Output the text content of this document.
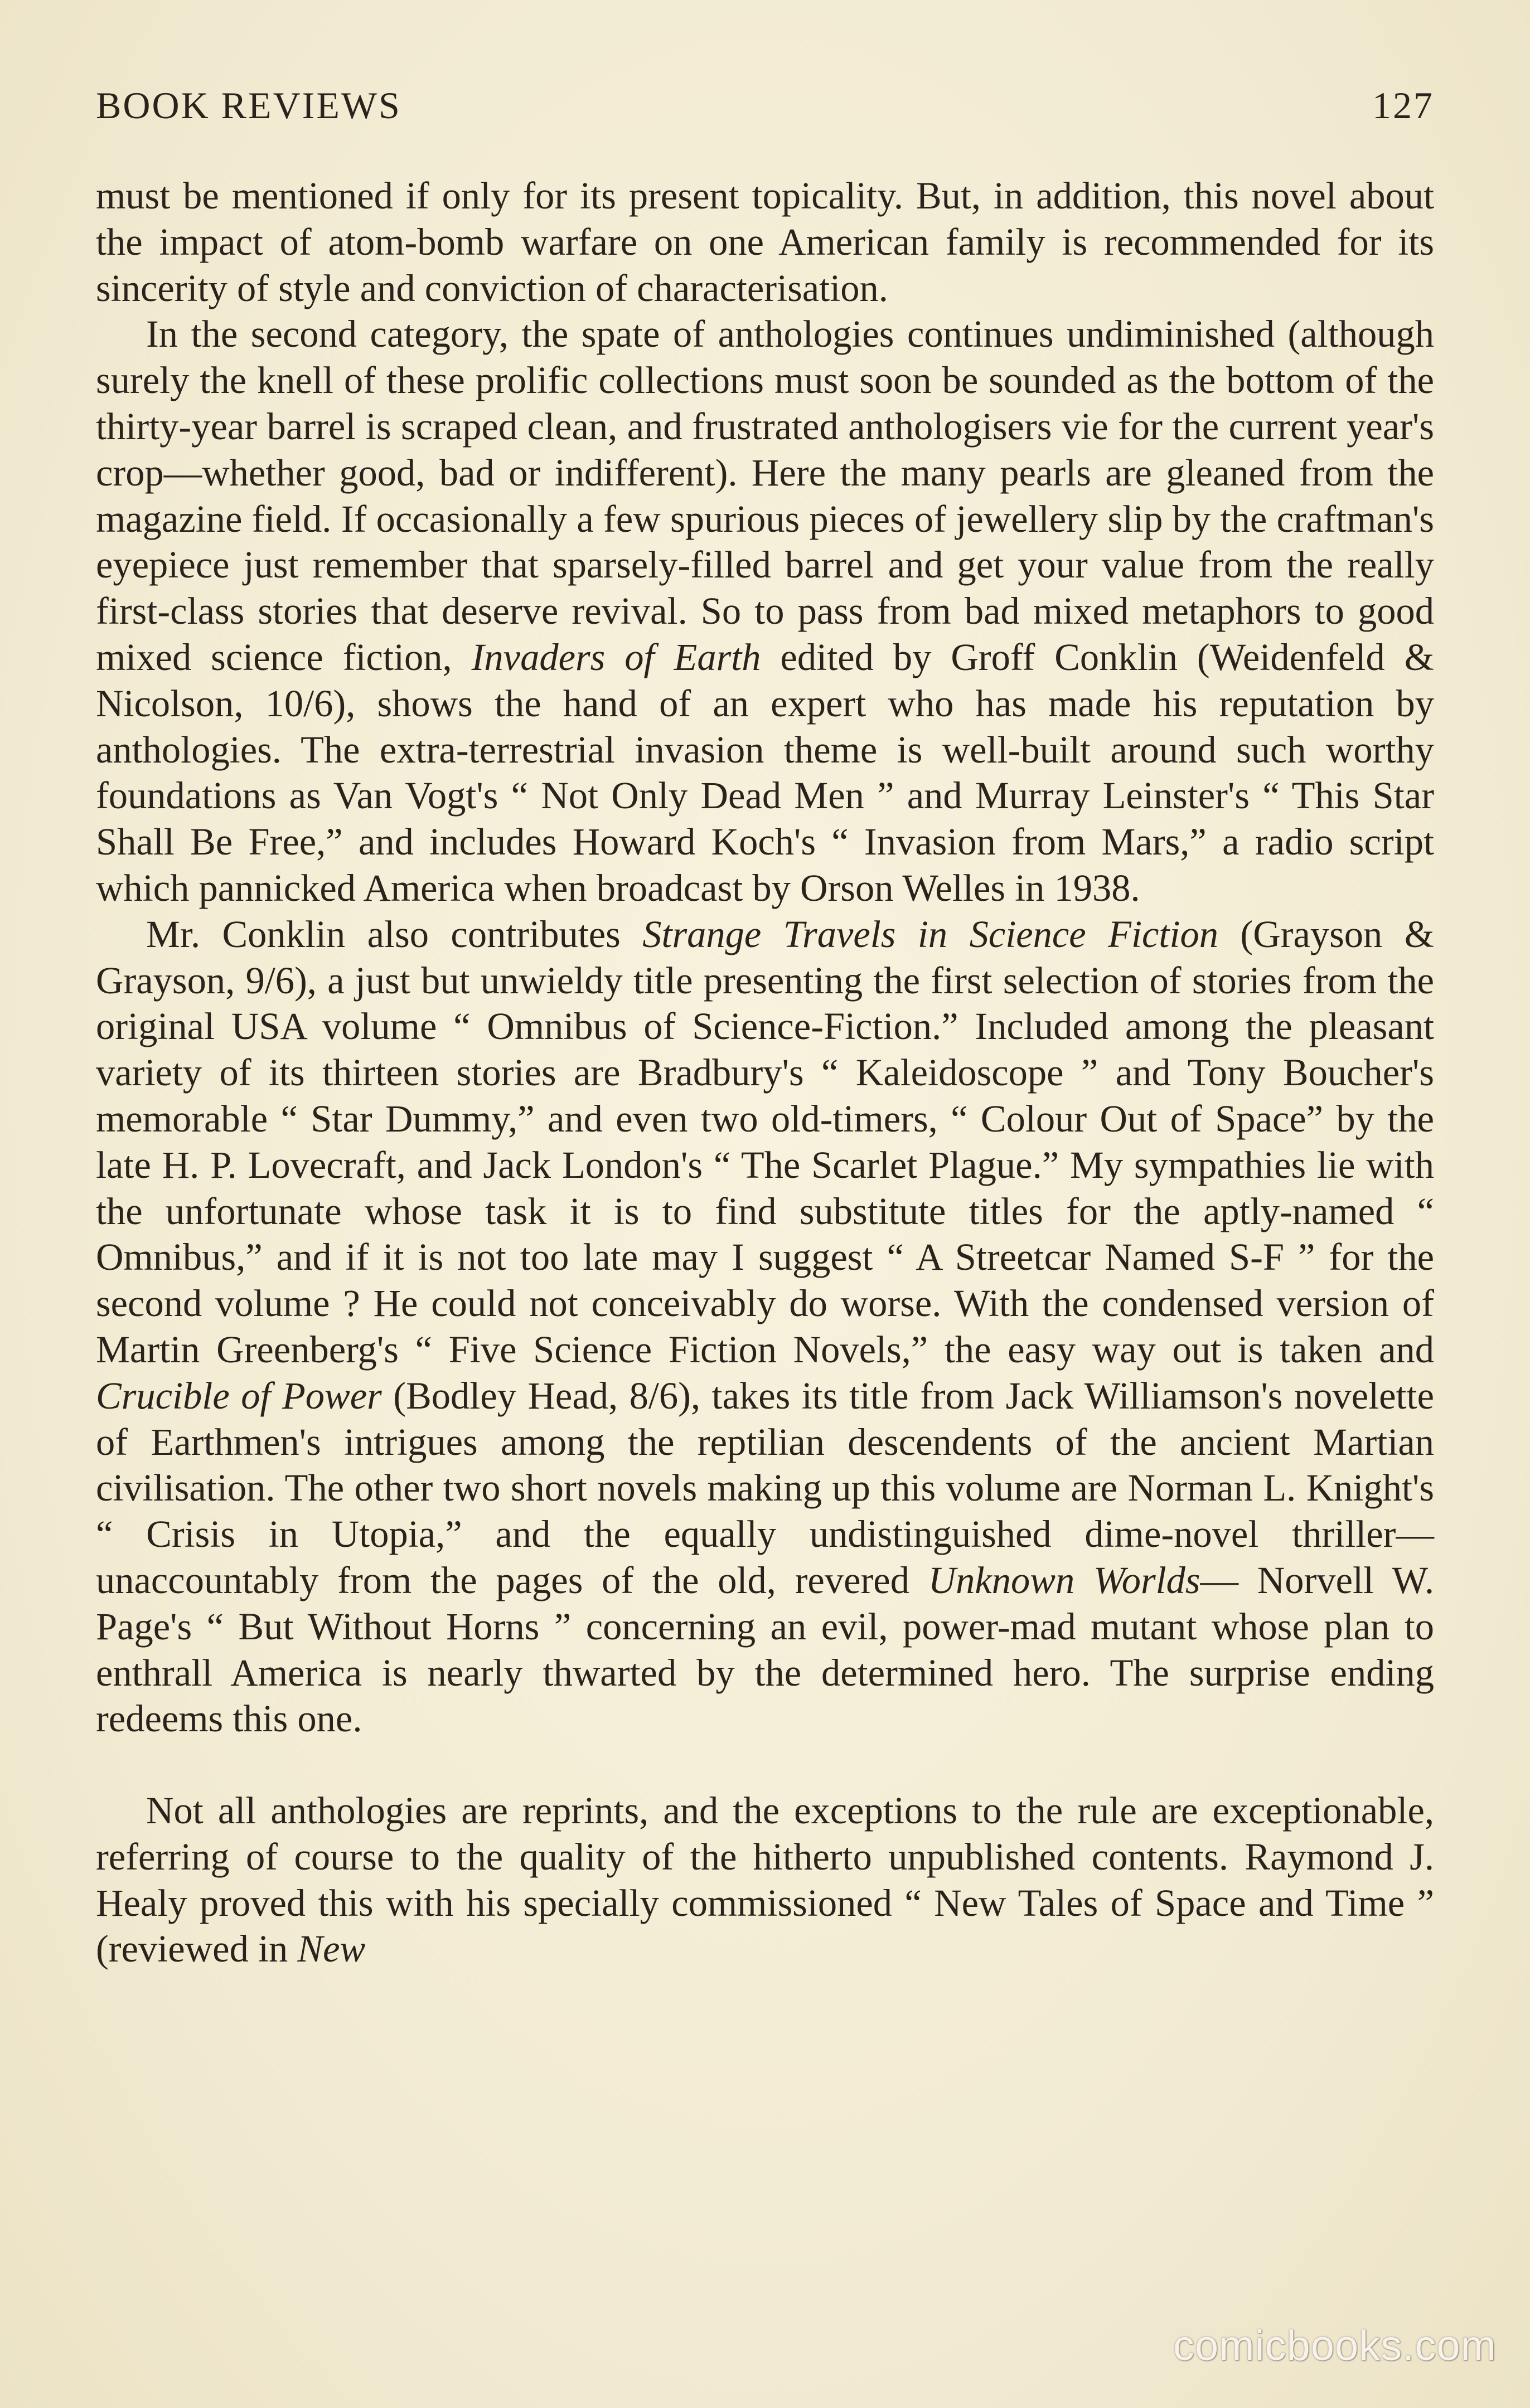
BOOK REVIEWS	127

must be mentioned if only for its present topicality. But, in addition, this novel about the impact of atom-bomb warfare on one American family is recommended for its sincerity of style and conviction of characterisation.

In the second category, the spate of anthologies continues undiminished (although surely the knell of these prolific collections must soon be sounded as the bottom of the thirty-year barrel is scraped clean, and frustrated anthologisers vie for the current year's crop—whether good, bad or indifferent). Here the many pearls are gleaned from the magazine field. If occasionally a few spurious pieces of jewellery slip by the craftman's eyepiece just remember that sparsely-filled barrel and get your value from the really first-class stories that deserve revival. So to pass from bad mixed metaphors to good mixed science fiction, Invaders of Earth edited by Groff Conklin (Weidenfeld & Nicolson, 10/6), shows the hand of an expert who has made his reputation by anthologies. The extra-terrestrial invasion theme is well-built around such worthy foundations as Van Vogt's “ Not Only Dead Men ” and Murray Leinster's “ This Star Shall Be Free,” and includes Howard Koch's “ Invasion from Mars,” a radio script which pannicked America when broadcast by Orson Welles in 1938.

Mr. Conklin also contributes Strange Travels in Science Fiction (Grayson & Grayson, 9/6), a just but unwieldy title presenting the first selection of stories from the original USA volume “ Omnibus of Science-Fiction.” Included among the pleasant variety of its thirteen stories are Bradbury's “ Kaleidoscope ” and Tony Boucher's memorable “ Star Dummy,” and even two old-timers, “ Colour Out of Space” by the late H. P. Lovecraft, and Jack London's “ The Scarlet Plague.” My sympathies lie with the unfortunate whose task it is to find substitute titles for the aptly-named “ Omnibus,” and if it is not too late may I suggest “ A Streetcar Named S-F ” for the second volume ? He could not conceivably do worse. With the condensed version of Martin Greenberg's “ Five Science Fiction Novels,” the easy way out is taken and Crucible of Power (Bodley Head, 8/6), takes its title from Jack Williamson's novelette of Earthmen's intrigues among the reptilian descendents of the ancient Martian civilisation. The other two short novels making up this volume are Norman L. Knight's “ Crisis in Utopia,” and the equally undistinguished dime-novel thriller—unaccountably from the pages of the old, revered Unknown Worlds— Norvell W. Page's “ But Without Horns ” concerning an evil, power-mad mutant whose plan to enthrall America is nearly thwarted by the determined hero. The surprise ending redeems this one.

Not all anthologies are reprints, and the exceptions to the rule are exceptionable, referring of course to the quality of the hitherto unpublished contents. Raymond J. Healy proved this with his specially commissioned “ New Tales of Space and Time ” (reviewed in New

comicbooks.com
